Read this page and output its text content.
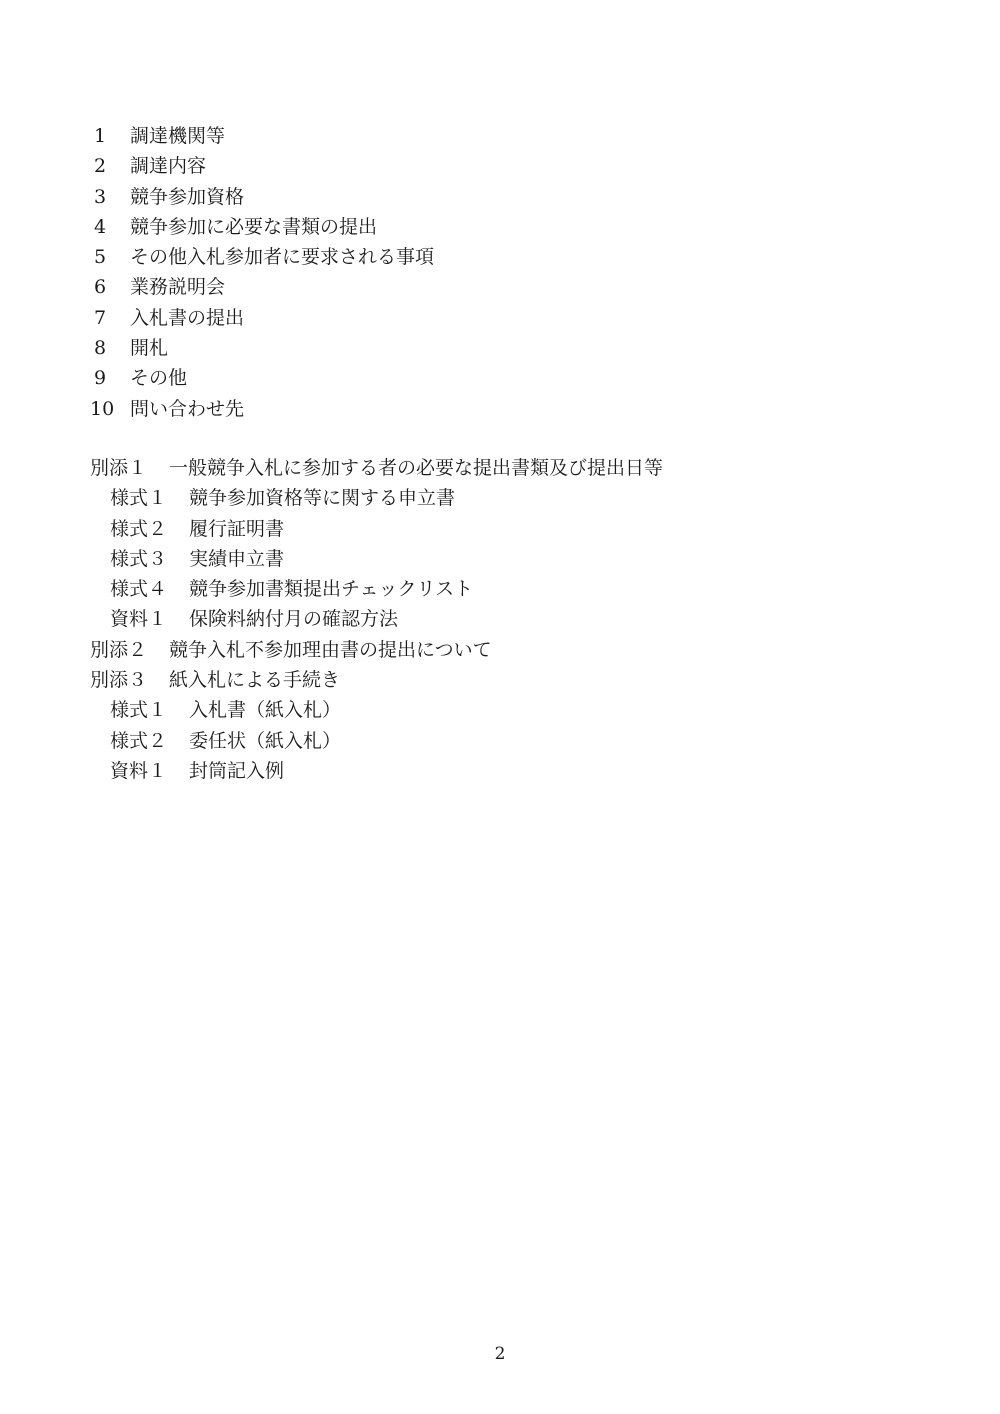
1 調達機関等
2 調達内容
3 競争参加資格
4 競争参加に必要な書類の提出
5 その他入札参加者に要求される事項
6 業務説明会
7 入札書の提出
8 開札
9 その他
10 問い合わせ先
別添１ 一般競争入札に参加する者の必要な提出書類及び提出日等
様式１ 競争参加資格等に関する申立書
様式２ 履行証明書
様式３ 実績申立書
様式４ 競争参加書類提出チェックリスト
資料１ 保険料納付月の確認方法
別添２ 競争入札不参加理由書の提出について
別添３ 紙入札による手続き
様式１ 入札書（紙入札）
様式２ 委任状（紙入札）
資料１ 封筒記入例
2
